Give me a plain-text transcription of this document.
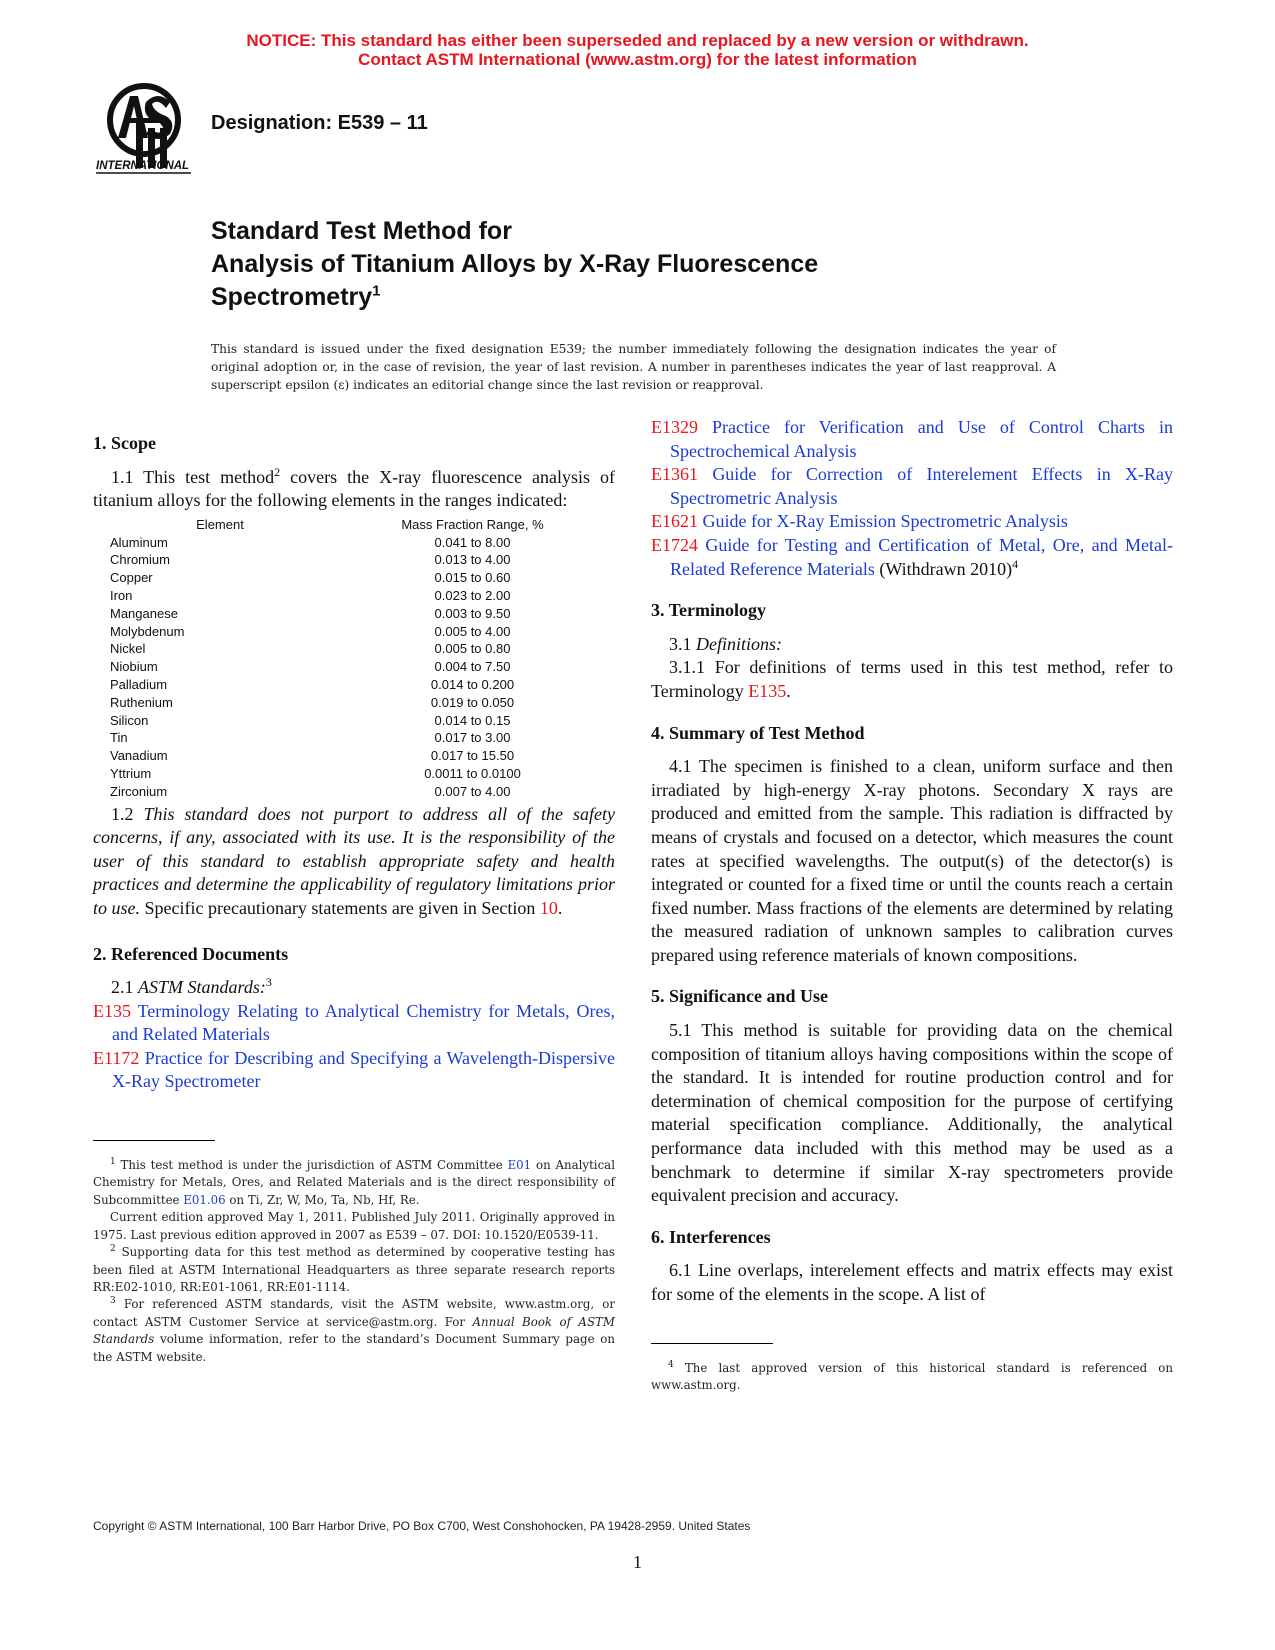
NOTICE: This standard has either been superseded and replaced by a new version or withdrawn.
Contact ASTM International (www.astm.org) for the latest information
INTERNATIONAL
Designation: E539 – 11
Standard Test Method for
Analysis of Titanium Alloys by X-Ray Fluorescence
Spectrometry$^1$
This standard is issued under the fixed designation E539; the number immediately following the designation indicates the year of original adoption or, in the case of revision, the year of last revision. A number in parentheses indicates the year of last reapproval. A superscript epsilon (ε) indicates an editorial change since the last revision or reapproval.
1. Scope

1.1 This test method$^2$ covers the X-ray fluorescence analysis of titanium alloys for the following elements in the ranges indicated:

Element	Mass Fraction Range, %
Aluminum	0.041 to 8.00
Chromium	0.013 to 4.00
Copper	0.015 to 0.60
Iron	0.023 to 2.00
Manganese	0.003 to 9.50
Molybdenum	0.005 to 4.00
Nickel	0.005 to 0.80
Niobium	0.004 to 7.50
Palladium	0.014 to 0.200
Ruthenium	0.019 to 0.050
Silicon	0.014 to 0.15
Tin	0.017 to 3.00
Vanadium	0.017 to 15.50
Yttrium	0.0011 to 0.0100
Zirconium	0.007 to 4.00

1.2 This standard does not purport to address all of the safety concerns, if any, associated with its use. It is the responsibility of the user of this standard to establish appropriate safety and health practices and determine the applicability of regulatory limitations prior to use. Specific precautionary statements are given in Section 10.

2. Referenced Documents

2.1 ASTM Standards:$^3$

E135 Terminology Relating to Analytical Chemistry for Metals, Ores, and Related Materials

E1172 Practice for Describing and Specifying a Wavelength-Dispersive X-Ray Spectrometer

$^1$ This test method is under the jurisdiction of ASTM Committee E01 on Analytical Chemistry for Metals, Ores, and Related Materials and is the direct responsibility of Subcommittee E01.06 on Ti, Zr, W, Mo, Ta, Nb, Hf, Re.

Current edition approved May 1, 2011. Published July 2011. Originally approved in 1975. Last previous edition approved in 2007 as E539 – 07. DOI: 10.1520/E0539-11.

$^2$ Supporting data for this test method as determined by cooperative testing has been filed at ASTM International Headquarters as three separate research reports RR:E02-1010, RR:E01-1061, RR:E01-1114.

$^3$ For referenced ASTM standards, visit the ASTM website, www.astm.org, or contact ASTM Customer Service at service@astm.org. For Annual Book of ASTM Standards volume information, refer to the standard’s Document Summary page on the ASTM website.

E1329 Practice for Verification and Use of Control Charts in Spectrochemical Analysis

E1361 Guide for Correction of Interelement Effects in X-Ray Spectrometric Analysis

E1621 Guide for X-Ray Emission Spectrometric Analysis

E1724 Guide for Testing and Certification of Metal, Ore, and Metal-Related Reference Materials (Withdrawn 2010)$^4$

3. Terminology

3.1 Definitions:

3.1.1 For definitions of terms used in this test method, refer to Terminology E135.

4. Summary of Test Method

4.1 The specimen is finished to a clean, uniform surface and then irradiated by high-energy X-ray photons. Secondary X rays are produced and emitted from the sample. This radiation is diffracted by means of crystals and focused on a detector, which measures the count rates at specified wavelengths. The output(s) of the detector(s) is integrated or counted for a fixed time or until the counts reach a certain fixed number. Mass fractions of the elements are determined by relating the measured radiation of unknown samples to calibration curves prepared using reference materials of known compositions.

5. Significance and Use

5.1 This method is suitable for providing data on the chemical composition of titanium alloys having compositions within the scope of the standard. It is intended for routine production control and for determination of chemical composition for the purpose of certifying material specification compliance. Additionally, the analytical performance data included with this method may be used as a benchmark to determine if similar X-ray spectrometers provide equivalent precision and accuracy.

6. Interferences

6.1 Line overlaps, interelement effects and matrix effects may exist for some of the elements in the scope. A list of

$^4$ The last approved version of this historical standard is referenced on www.astm.org.

Copyright © ASTM International, 100 Barr Harbor Drive, PO Box C700, West Conshohocken, PA 19428-2959. United States
1
